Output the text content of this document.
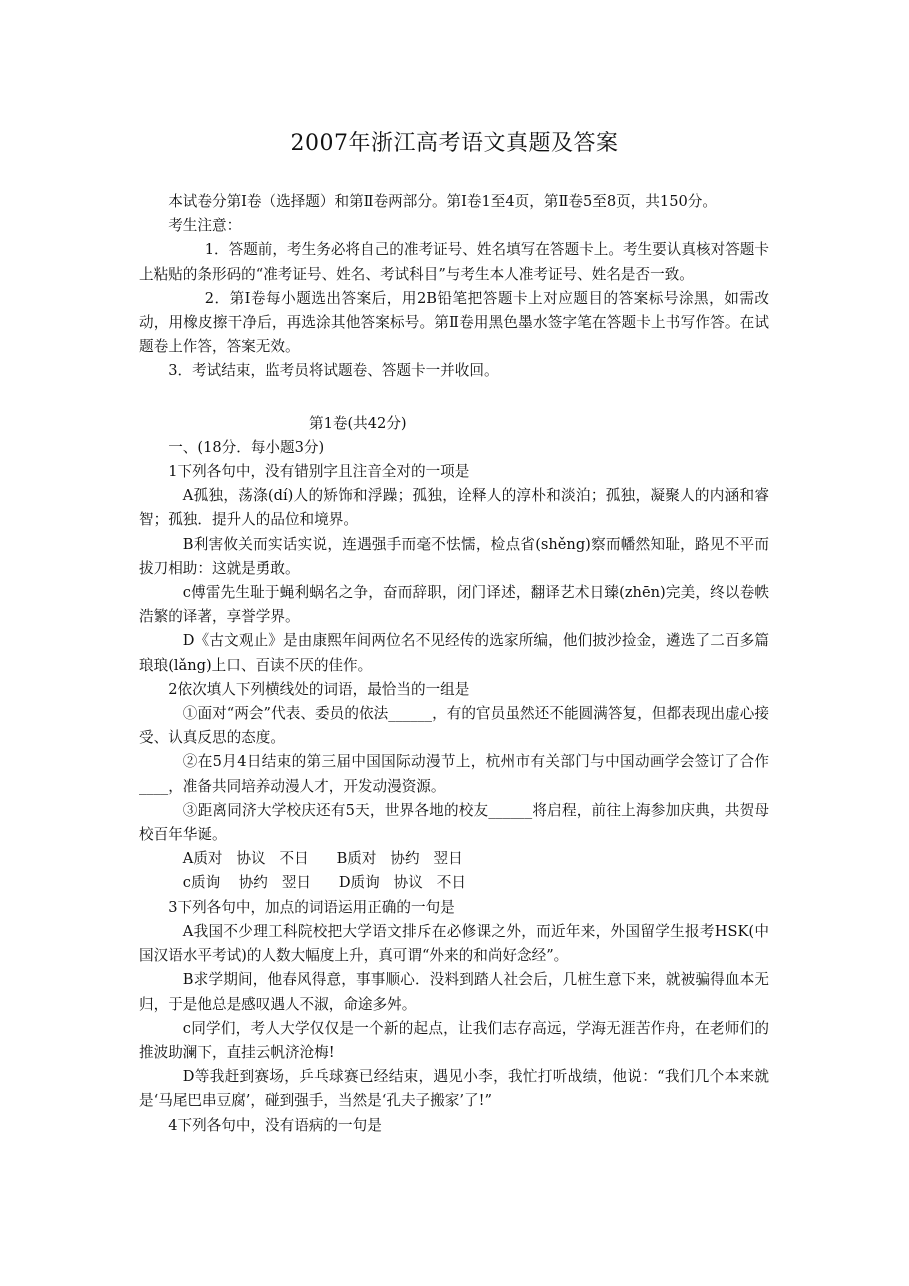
2007年浙江高考语文真题及答案

本试卷分第Ⅰ卷（选择题）和第Ⅱ卷两部分。第Ⅰ卷1至4页，第Ⅱ卷5至8页，共150分。

考生注意：

1．答题前，考生务必将自己的准考证号、姓名填写在答题卡上。考生要认真核对答题卡上粘贴的条形码的“准考证号、姓名、考试科目”与考生本人准考证号、姓名是否一致。

2．第Ⅰ卷每小题选出答案后，用2B铅笔把答题卡上对应题目的答案标号涂黑，如需改动，用橡皮擦干净后，再选涂其他答案标号。第Ⅱ卷用黑色墨水签字笔在答题卡上书写作答。在试题卷上作答，答案无效。

3．考试结束，监考员将试题卷、答题卡一并收回。

第1卷(共42分)

一、(18分．每小题3分)

1下列各句中，没有错别字且注音全对的一项是

A孤独，荡涤(dí)人的矫饰和浮躁；孤独，诠释人的淳朴和淡泊；孤独，凝聚人的内涵和睿智；孤独．提升人的品位和境界。

B利害攸关而实话实说，连遇强手而毫不怯懦，检点省(shěng)察而幡然知耻，路见不平而拔刀相助：这就是勇敢。

c傅雷先生耻于蝇利蜗名之争，奋而辞职，闭门译述，翻译艺术日臻(zhēn)完美，终以卷帙浩繁的译著，享誉学界。

D《古文观止》是由康熙年间两位名不见经传的选家所编，他们披沙捡金，遴选了二百多篇琅琅(lǎng)上口、百读不厌的佳作。

2依次填人下列横线处的词语，最恰当的一组是

①面对“两会”代表、委员的依法______，有的官员虽然还不能圆满答复，但都表现出虚心接受、认真反思的态度。

②在5月4日结束的第三届中国国际动漫节上，杭州市有关部门与中国动画学会签订了合作____，准备共同培养动漫人才，开发动漫资源。

③距离同济大学校庆还有5天，世界各地的校友______将启程，前往上海参加庆典，共贺母校百年华诞。

A质对   协议   不日      B质对   协约   翌日

c质询    协约   翌日      D质询   协议   不日

3下列各句中，加点的词语运用正确的一句是

A我国不少理工科院校把大学语文排斥在必修课之外，而近年来，外国留学生报考HSK(中国汉语水平考试)的人数大幅度上升，真可谓“外来的和尚好念经”。

B求学期间，他春风得意，事事顺心．没料到踏人社会后，几桩生意下来，就被骗得血本无归，于是他总是感叹遇人不淑，命途多舛。

c同学们，考人大学仅仅是一个新的起点，让我们志存高远，学海无涯苦作舟，在老师们的推波助澜下，直挂云帆济沧梅!

D等我赶到赛场，乒乓球赛已经结束，遇见小李，我忙打听战绩，他说：“我们几个本来就是‘马尾巴串豆腐’，碰到强手，当然是‘孔夫子搬家’了!”

4下列各句中，没有语病的一句是
